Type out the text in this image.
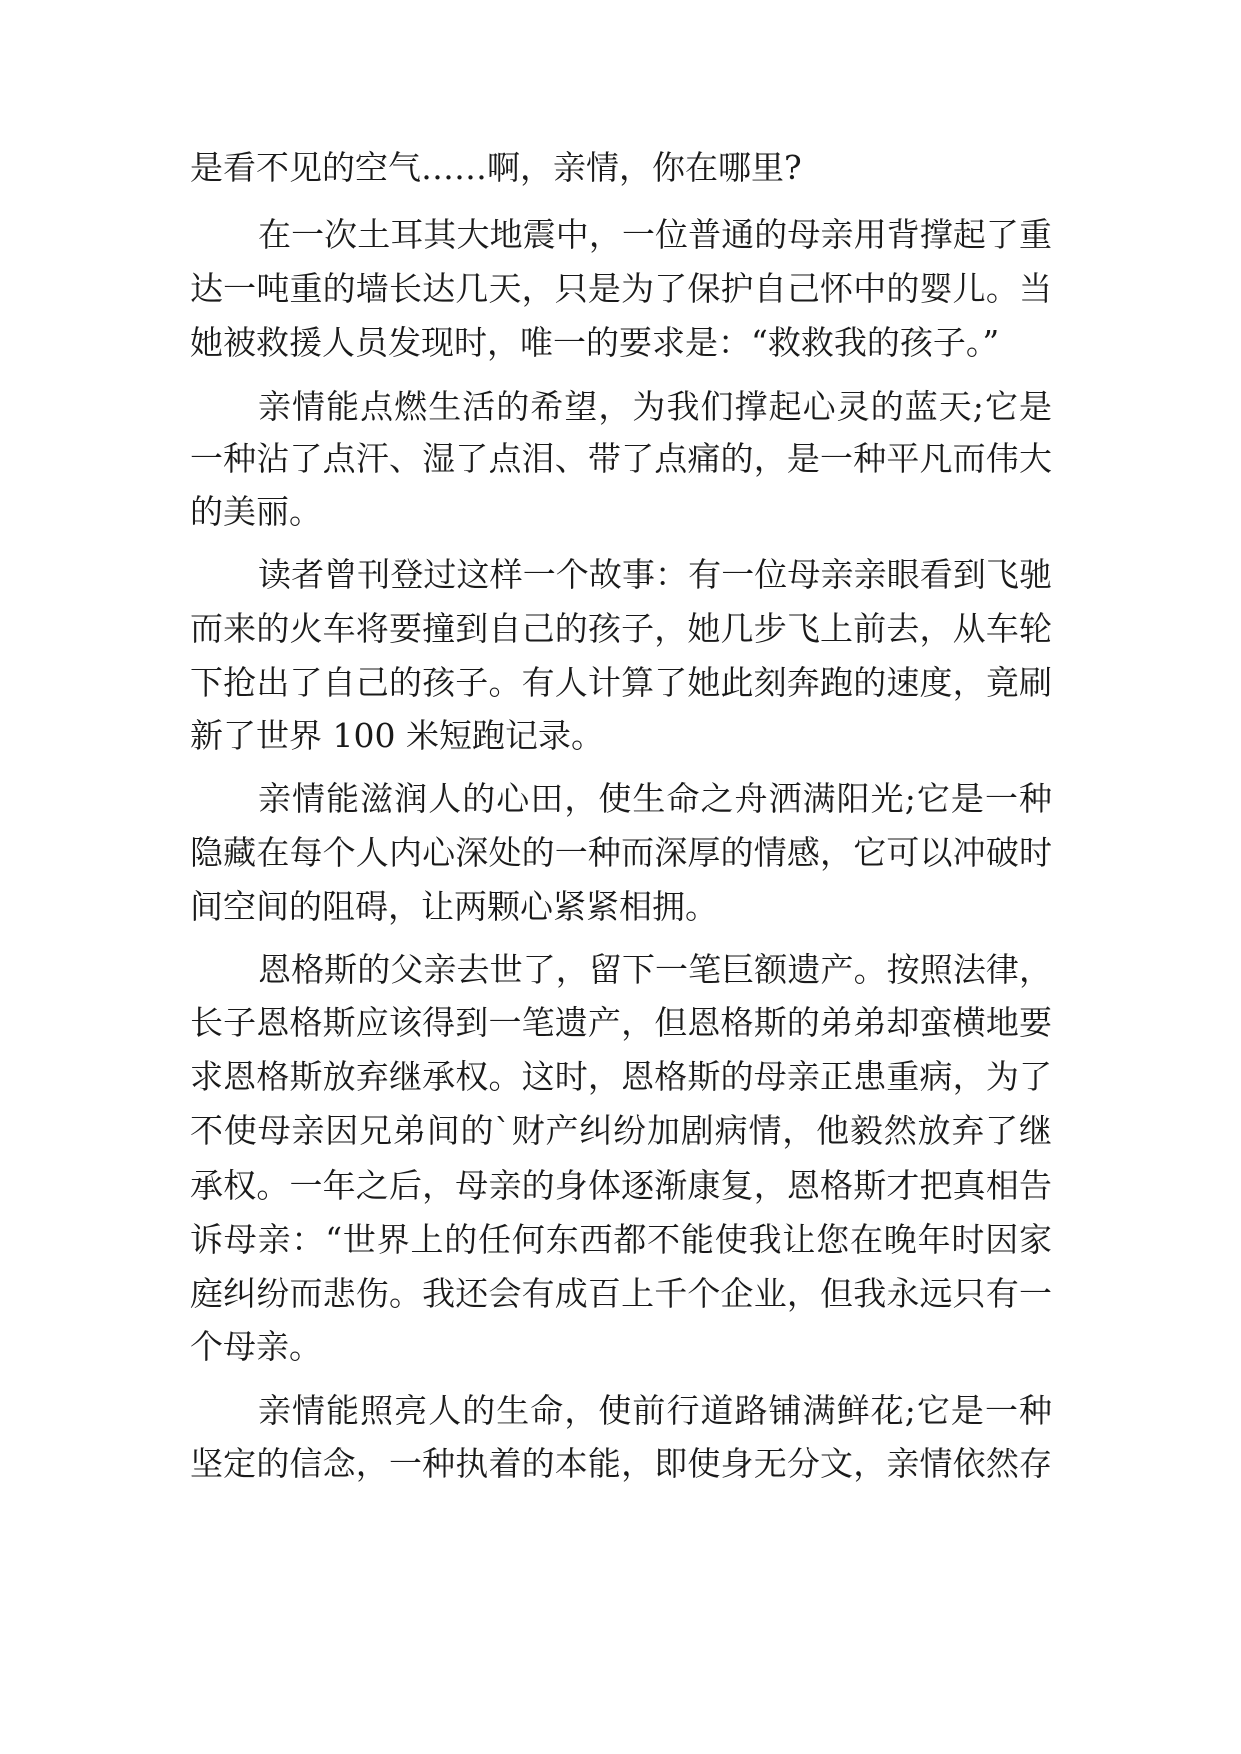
是看不见的空气……啊，亲情，你在哪里?
在一次土耳其大地震中，一位普通的母亲用背撑起了重
达一吨重的墙长达几天，只是为了保护自己怀中的婴儿。当
她被救援人员发现时，唯一的要求是：“救救我的孩子。”
亲情能点燃生活的希望，为我们撑起心灵的蓝天;它是
一种沾了点汗、湿了点泪、带了点痛的，是一种平凡而伟大
的美丽。
读者曾刊登过这样一个故事：有一位母亲亲眼看到飞驰
而来的火车将要撞到自己的孩子，她几步飞上前去，从车轮
下抢出了自己的孩子。有人计算了她此刻奔跑的速度，竟刷
新了世界 100 米短跑记录。
亲情能滋润人的心田，使生命之舟洒满阳光;它是一种
隐藏在每个人内心深处的一种而深厚的情感，它可以冲破时
间空间的阻碍，让两颗心紧紧相拥。
恩格斯的父亲去世了，留下一笔巨额遗产。按照法律，
长子恩格斯应该得到一笔遗产，但恩格斯的弟弟却蛮横地要
求恩格斯放弃继承权。这时，恩格斯的母亲正患重病，为了
不使母亲因兄弟间的`财产纠纷加剧病情，他毅然放弃了继
承权。一年之后，母亲的身体逐渐康复，恩格斯才把真相告
诉母亲：“世界上的任何东西都不能使我让您在晚年时因家
庭纠纷而悲伤。我还会有成百上千个企业，但我永远只有一
个母亲。
亲情能照亮人的生命，使前行道路铺满鲜花;它是一种
坚定的信念，一种执着的本能，即使身无分文，亲情依然存
